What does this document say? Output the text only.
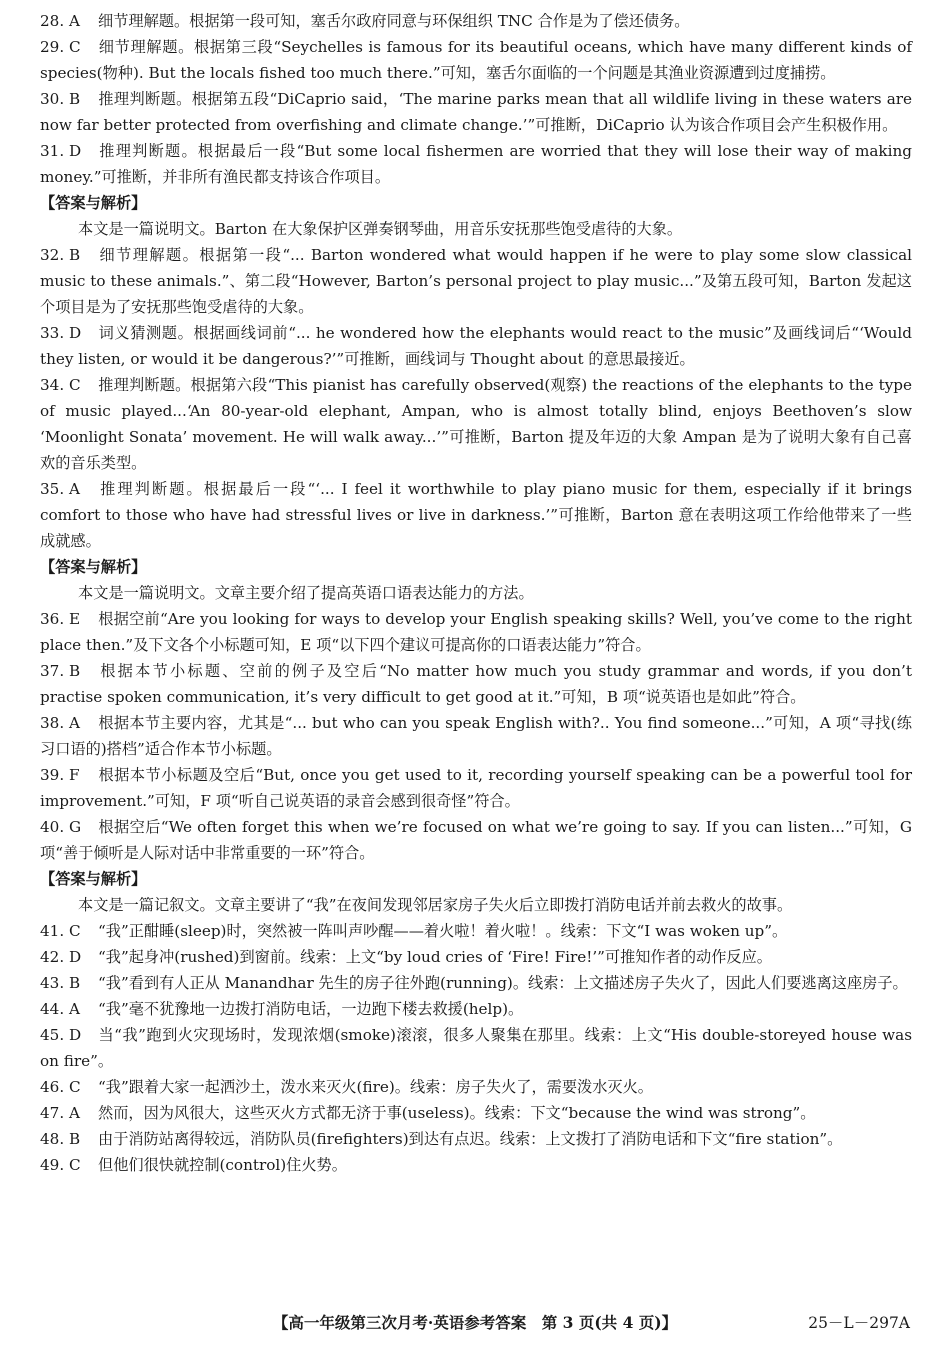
28. A 细节理解题。根据第一段可知，塞舌尔政府同意与环保组织 TNC 合作是为了偿还债务。
29. C 细节理解题。根据第三段“Seychelles is famous for its beautiful oceans, which have many different kinds of species(物种). But the locals fished too much there.”可知，塞舌尔面临的一个问题是其渔业资源遭到过度捕捞。
30. B 推理判断题。根据第五段“DiCaprio said，‘The marine parks mean that all wildlife living in these waters are now far better protected from overfishing and climate change.’”可推断，DiCaprio 认为该合作项目会产生积极作用。
31. D 推理判断题。根据最后一段“But some local fishermen are worried that they will lose their way of making money.”可推断，并非所有渔民都支持该合作项目。
【答案与解析】
本文是一篇说明文。Barton 在大象保护区弹奏钢琴曲，用音乐安抚那些饱受虐待的大象。
32. B 细节理解题。根据第一段“... Barton wondered what would happen if he were to play some slow classical music to these animals.”、第二段“However, Barton’s personal project to play music...”及第五段可知，Barton 发起这个项目是为了安抚那些饱受虐待的大象。
33. D 词义猜测题。根据画线词前“... he wondered how the elephants would react to the music”及画线词后“‘Would they listen, or would it be dangerous?’”可推断，画线词与 Thought about 的意思最接近。
34. C 推理判断题。根据第六段“This pianist has carefully observed(观察) the reactions of the elephants to the type of music played...‘An 80-year-old elephant, Ampan, who is almost totally blind, enjoys Beethoven’s slow ‘Moonlight Sonata’ movement. He will walk away...’”可推断，Barton 提及年迈的大象 Ampan 是为了说明大象有自己喜欢的音乐类型。
35. A 推理判断题。根据最后一段“‘... I feel it worthwhile to play piano music for them, especially if it brings comfort to those who have had stressful lives or live in darkness.’”可推断，Barton 意在表明这项工作给他带来了一些成就感。
【答案与解析】
本文是一篇说明文。文章主要介绍了提高英语口语表达能力的方法。
36. E 根据空前“Are you looking for ways to develop your English speaking skills? Well, you’ve come to the right place then.”及下文各个小标题可知，E 项“以下四个建议可提高你的口语表达能力”符合。
37. B 根据本节小标题、空前的例子及空后“No matter how much you study grammar and words, if you don’t practise spoken communication, it’s very difficult to get good at it.”可知，B 项“说英语也是如此”符合。
38. A 根据本节主要内容，尤其是“... but who can you speak English with?.. You find someone...”可知，A 项“寻找(练习口语的)搭档”适合作本节小标题。
39. F 根据本节小标题及空后“But, once you get used to it, recording yourself speaking can be a powerful tool for improvement.”可知，F 项“听自己说英语的录音会感到很奇怪”符合。
40. G 根据空后“We often forget this when we’re focused on what we’re going to say. If you can listen...”可知，G 项“善于倾听是人际对话中非常重要的一环”符合。
【答案与解析】
本文是一篇记叙文。文章主要讲了“我”在夜间发现邻居家房子失火后立即拨打消防电话并前去救火的故事。
41. C “我”正酣睡(sleep)时，突然被一阵叫声吵醒——着火啦！着火啦！。线索：下文“I was woken up”。
42. D “我”起身冲(rushed)到窗前。线索：上文“by loud cries of ‘Fire! Fire!’”可推知作者的动作反应。
43. B “我”看到有人正从 Manandhar 先生的房子往外跑(running)。线索：上文描述房子失火了，因此人们要逃离这座房子。
44. A “我”毫不犹豫地一边拨打消防电话，一边跑下楼去救援(help)。
45. D 当“我”跑到火灾现场时，发现浓烟(smoke)滚滚，很多人聚集在那里。线索：上文“His double-storeyed house was on fire”。
46. C “我”跟着大家一起洒沙土，泼水来灭火(fire)。线索：房子失火了，需要泼水灭火。
47. A 然而，因为风很大，这些灭火方式都无济于事(useless)。线索：下文“because the wind was strong”。
48. B 由于消防站离得较远，消防队员(firefighters)到达有点迟。线索：上文拨打了消防电话和下文“fire station”。
49. C 但他们很快就控制(control)住火势。
【高一年级第三次月考·英语参考答案　第 3 页(共 4 页)】	25－L－297A
